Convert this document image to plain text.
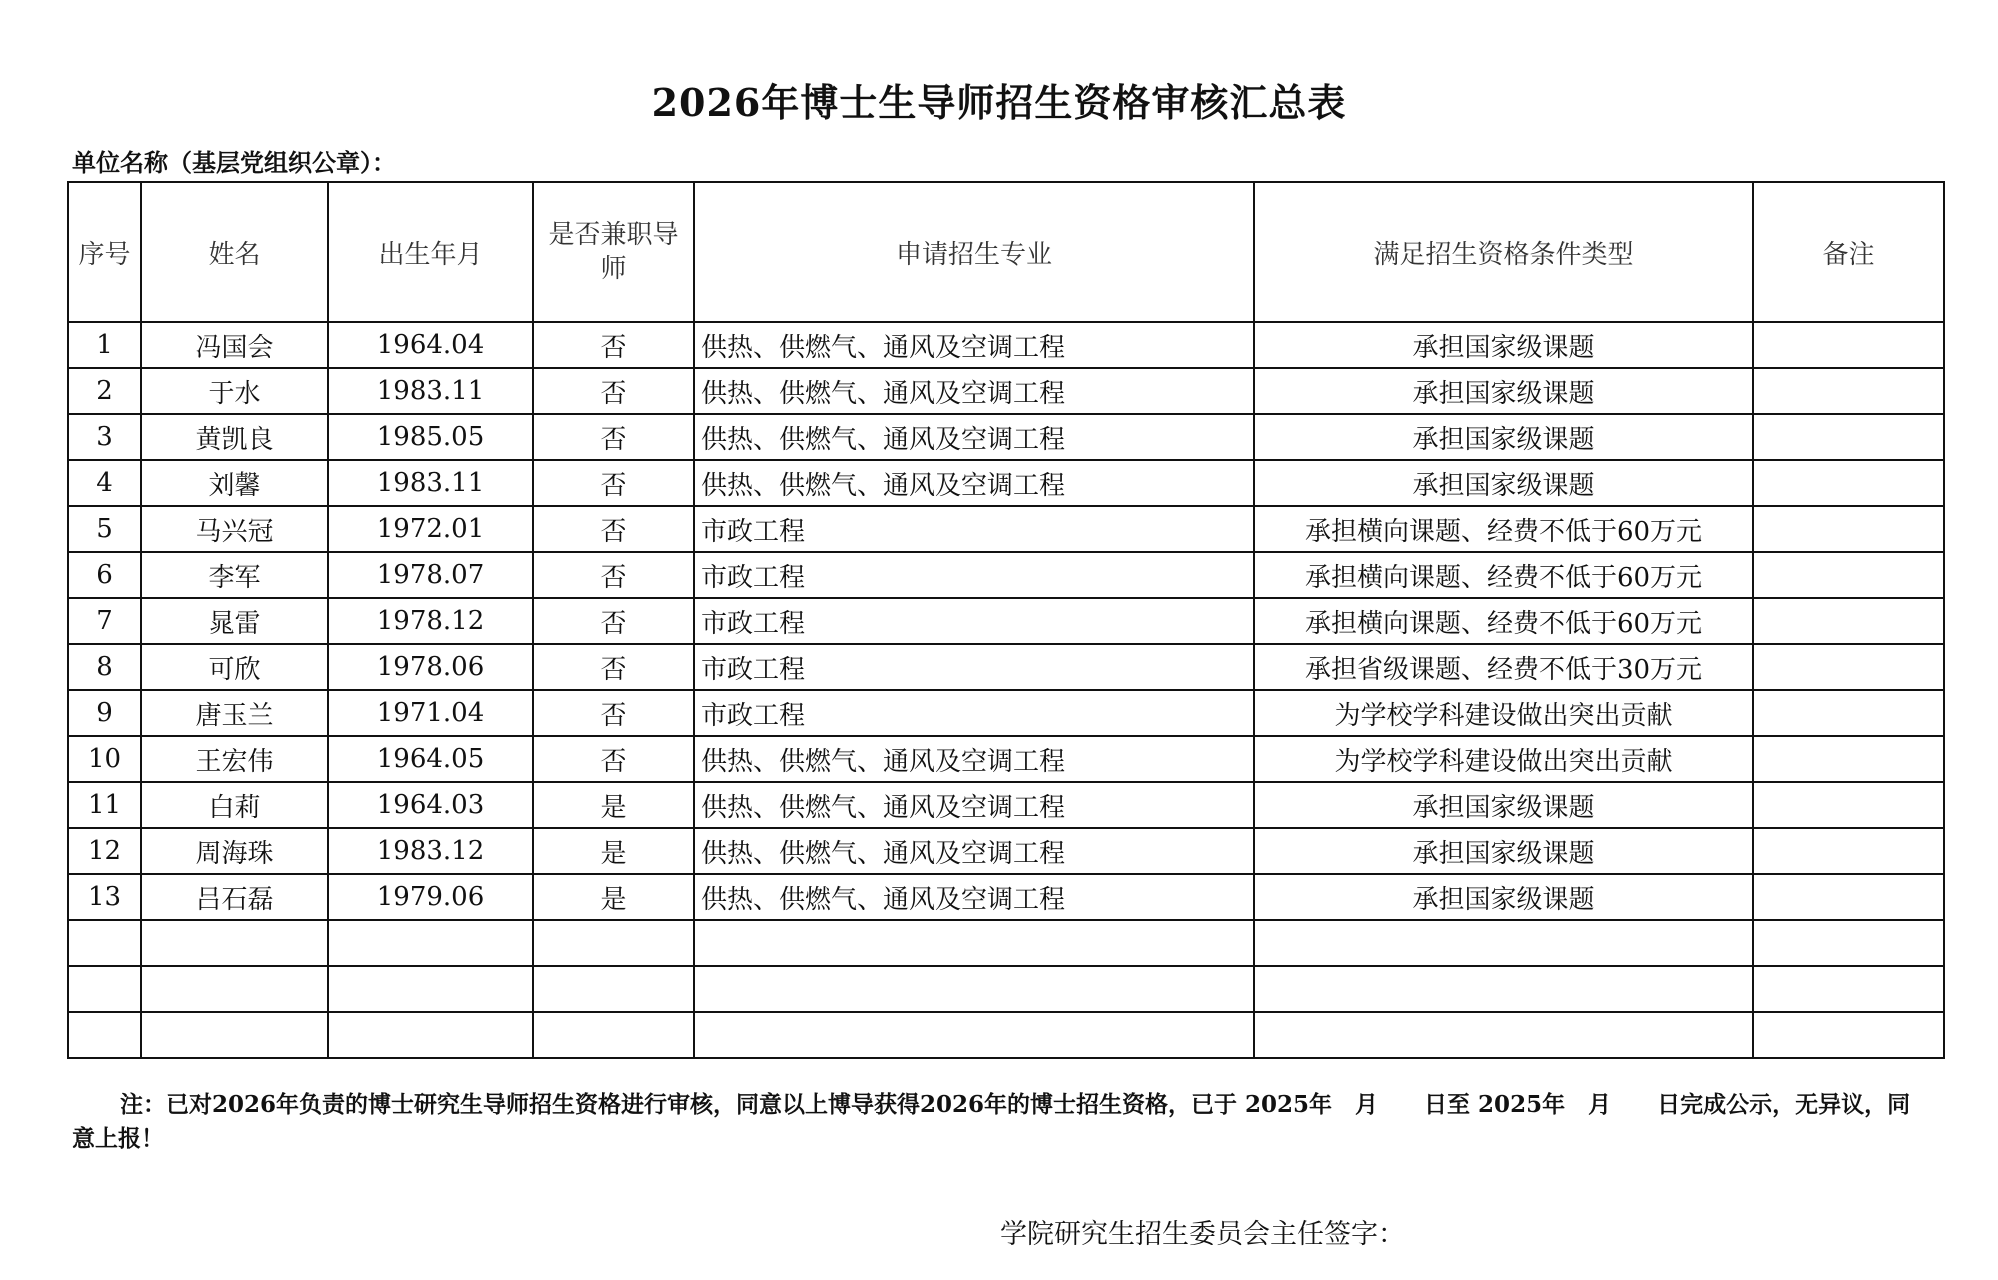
2026年博士生导师招生资格审核汇总表
单位名称（基层党组织公章）：
序号	姓名	出生年月	是否兼职导师	申请招生专业	满足招生资格条件类型	备注
1	冯国会	1964.04	否	供热、供燃气、通风及空调工程	承担国家级课题	
2	于水	1983.11	否	供热、供燃气、通风及空调工程	承担国家级课题	
3	黄凯良	1985.05	否	供热、供燃气、通风及空调工程	承担国家级课题	
4	刘馨	1983.11	否	供热、供燃气、通风及空调工程	承担国家级课题	
5	马兴冠	1972.01	否	市政工程	承担横向课题、经费不低于60万元	
6	李军	1978.07	否	市政工程	承担横向课题、经费不低于60万元	
7	晁雷	1978.12	否	市政工程	承担横向课题、经费不低于60万元	
8	可欣	1978.06	否	市政工程	承担省级课题、经费不低于30万元	
9	唐玉兰	1971.04	否	市政工程	为学校学科建设做出突出贡献	
10	王宏伟	1964.05	否	供热、供燃气、通风及空调工程	为学校学科建设做出突出贡献	
11	白莉	1964.03	是	供热、供燃气、通风及空调工程	承担国家级课题	
12	周海珠	1983.12	是	供热、供燃气、通风及空调工程	承担国家级课题	
13	吕石磊	1979.06	是	供热、供燃气、通风及空调工程	承担国家级课题	

注：已对2026年负责的博士研究生导师招生资格进行审核，同意以上博导获得2026年的博士招生资格，已于 2025年　月　　日至 2025年　月　　日完成公示，无异议，同意上报！
学院研究生招生委员会主任签字：
